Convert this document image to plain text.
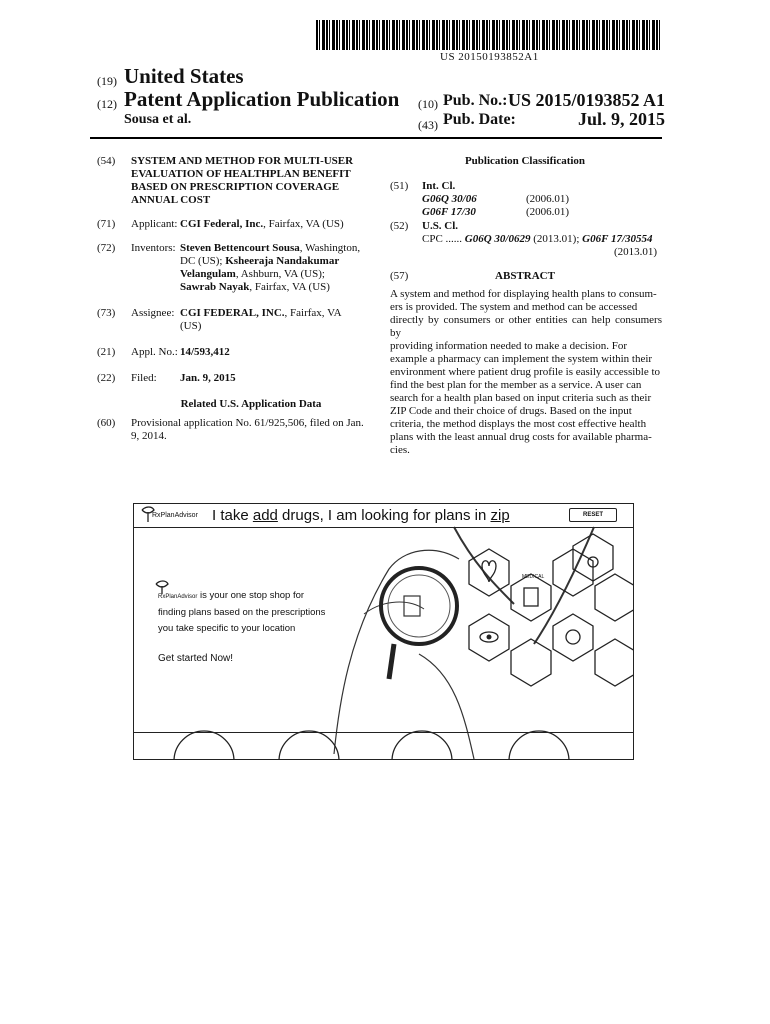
US 20150193852A1
(19) United States
(12) Patent Application Publication
Sousa et al.
(10) Pub. No.: US 2015/0193852 A1
(43) Pub. Date:	Jul. 9, 2015
(54) SYSTEM AND METHOD FOR MULTI-USER
EVALUATION OF HEALTHPLAN BENEFIT
BASED ON PRESCRIPTION COVERAGE
ANNUAL COST
(71) Applicant: CGI Federal, Inc., Fairfax, VA (US)
(72) Inventors: Steven Bettencourt Sousa, Washington,
DC (US); Ksheeraja Nandakumar
Velangulam, Ashburn, VA (US);
Sawrab Nayak, Fairfax, VA (US)
(73) Assignee: CGI FEDERAL, INC., Fairfax, VA
(US)
(21) Appl. No.: 14/593,412
(22) Filed: Jan. 9, 2015
Related U.S. Application Data
(60) Provisional application No. 61/925,506, filed on Jan.
9, 2014.
Publication Classification
(51) Int. Cl.
G06Q 30/06	(2006.01)
G06F 17/30	(2006.01)
(52) U.S. Cl.
CPC ...... G06Q 30/0629 (2013.01); G06F 17/30554
(2013.01)
(57)	ABSTRACT
A system and method for displaying health plans to consum-
ers is provided. The system and method can be accessed
directly by consumers or other entities can help consumers by
providing information needed to make a decision. For
example a pharmacy can implement the system within their
environment where patient drug profile is easily accessible to
find the best plan for the member as a service. A user can
search for a health plan based on input criteria such as their
ZIP Code and their choice of drugs. Based on the input
criteria, the method displays the most cost effective health
plans with the least annual drug costs for available pharma-
cies.
RxPlanAdvisor I take add drugs, I am looking for plans in zip	RESET
MEDICAL
RxPlanAdvisor is your one stop shop for
finding plans based on the prescriptions
you take specific to your location
Get started Now!
